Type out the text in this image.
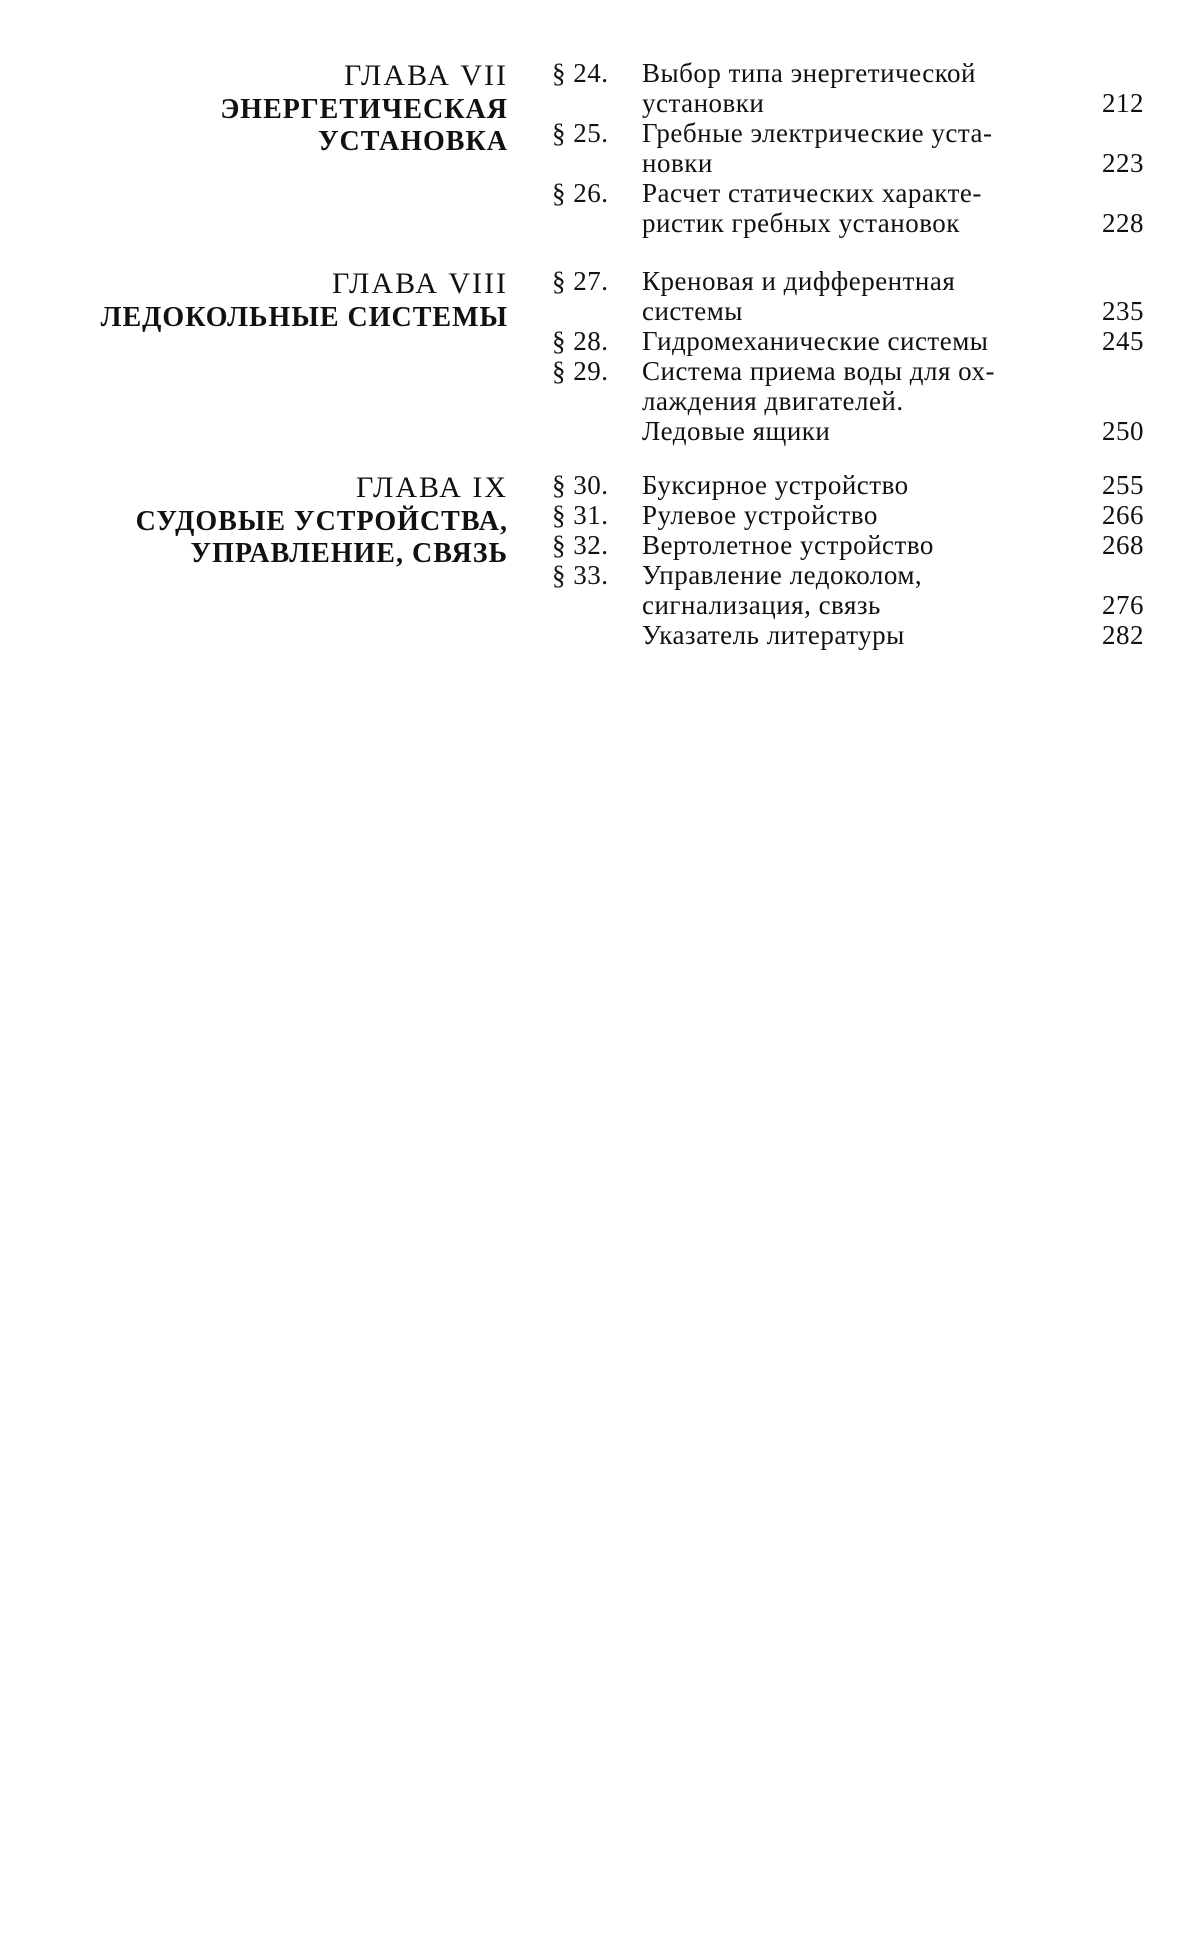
ГЛАВА VII
ЭНЕРГЕТИЧЕСКАЯ
УСТАНОВКА
§ 24.	Выбор типа энергетической
установки	212
§ 25.	Гребные электрические уста-
новки	223
§ 26.	Расчет статических характе-
ристик гребных установок	228
ГЛАВА VIII
ЛЕДОКОЛЬНЫЕ СИСТЕМЫ
§ 27.	Креновая и дифферентная
системы	235
§ 28.	Гидромеханические системы	245
§ 29.	Система приема воды для ох-
лаждения двигателей.
Ледовые ящики	250
ГЛАВА IX
СУДОВЫЕ УСТРОЙСТВА,
УПРАВЛЕНИЕ, СВЯЗЬ
§ 30.	Буксирное устройство	255
§ 31.	Рулевое устройство	266
§ 32.	Вертолетное устройство	268
§ 33.	Управление ледоколом,
сигнализация, связь	276
Указатель литературы	282
